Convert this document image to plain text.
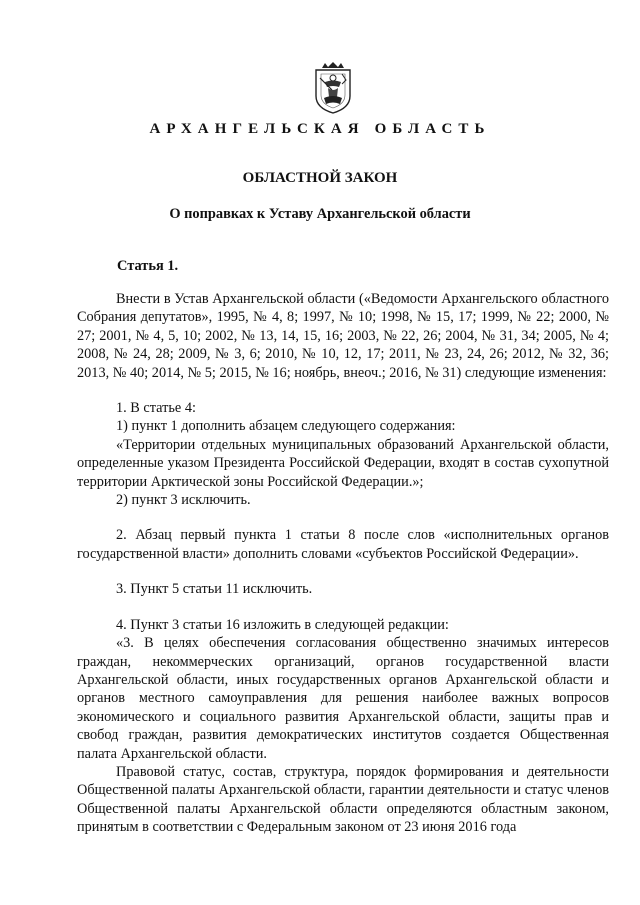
АРХАНГЕЛЬСКАЯ ОБЛАСТЬ
ОБЛАСТНОЙ ЗАКОН
О поправках к Уставу Архангельской области
Статья 1.

Внести в Устав Архангельской области («Ведомости Архангельского областного Собрания депутатов», 1995, № 4, 8; 1997, № 10; 1998, № 15, 17; 1999, № 22; 2000, № 27; 2001, № 4, 5, 10; 2002, № 13, 14, 15, 16; 2003, № 22, 26; 2004, № 31, 34; 2005, № 4; 2008, № 24, 28; 2009, № 3, 6; 2010, № 10, 12, 17; 2011, № 23, 24, 26; 2012, № 32, 36; 2013, № 40; 2014, № 5; 2015, № 16; ноябрь, внеоч.; 2016, № 31) следующие изменения:

1. В статье 4:

1) пункт 1 дополнить абзацем следующего содержания:

«Территории отдельных муниципальных образований Архангельской области, определенные указом Президента Российской Федерации, входят в состав сухопутной территории Арктической зоны Российской Федерации.»;

2) пункт 3 исключить.

2. Абзац первый пункта 1 статьи 8 после слов «исполнительных органов государственной власти» дополнить словами «субъектов Российской Федерации».

3. Пункт 5 статьи 11 исключить.

4. Пункт 3 статьи 16 изложить в следующей редакции:

«3. В целях обеспечения согласования общественно значимых интересов граждан, некоммерческих организаций, органов государственной власти Архангельской области, иных государственных органов Архангельской области и органов местного самоуправления для решения наиболее важных вопросов экономического и социального развития Архангельской области, защиты прав и свобод граждан, развития демократических институтов создается Общественная палата Архангельской области.

Правовой статус, состав, структура, порядок формирования и деятельности Общественной палаты Архангельской области, гарантии деятельности и статус членов Общественной палаты Архангельской области определяются областным законом, принятым в соответствии с Федеральным законом от 23 июня 2016 года
